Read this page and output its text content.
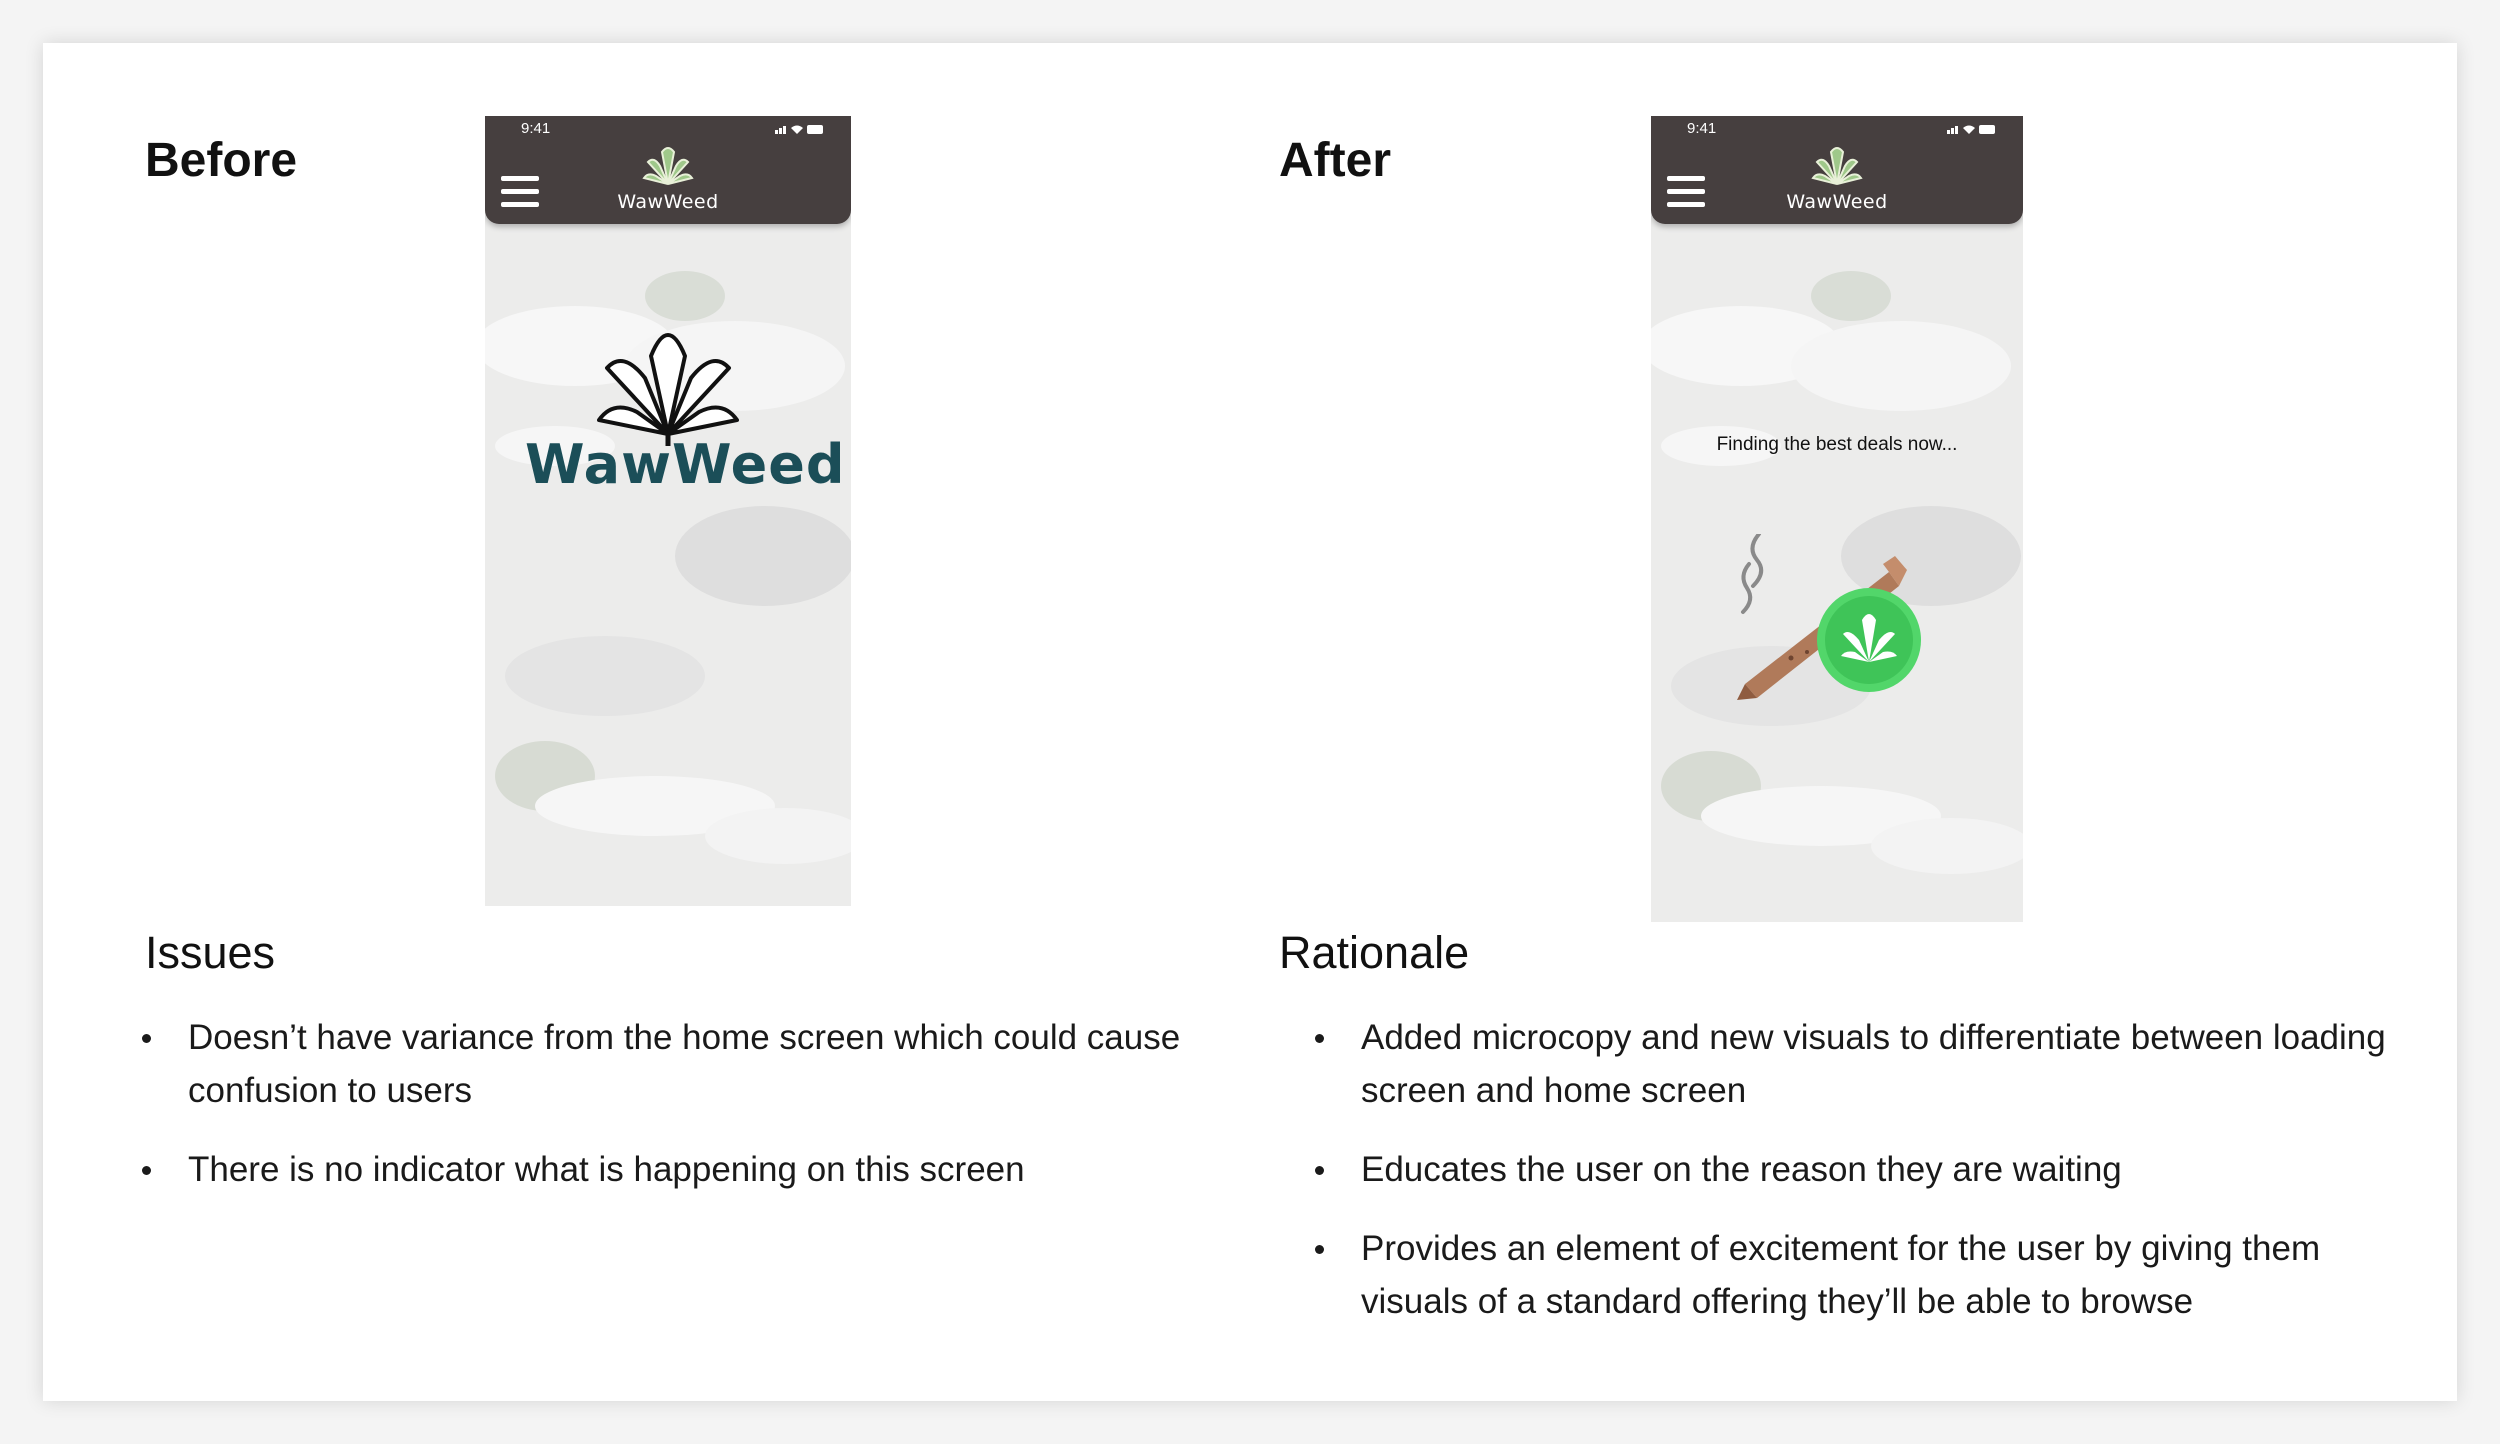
Before
9:41
WawWeed
WawWeed
Issues
Doesn’t have variance from the home screen which could cause confusion to users
There is no indicator what is happening on this screen
After
9:41
WawWeed
Finding the best deals now...
Rationale
Added microcopy and new visuals to differentiate between loading screen and home screen
Educates the user on the reason they are waiting
Provides an element of excitement for the user by giving them visuals of a standard offering they’ll be able to browse
